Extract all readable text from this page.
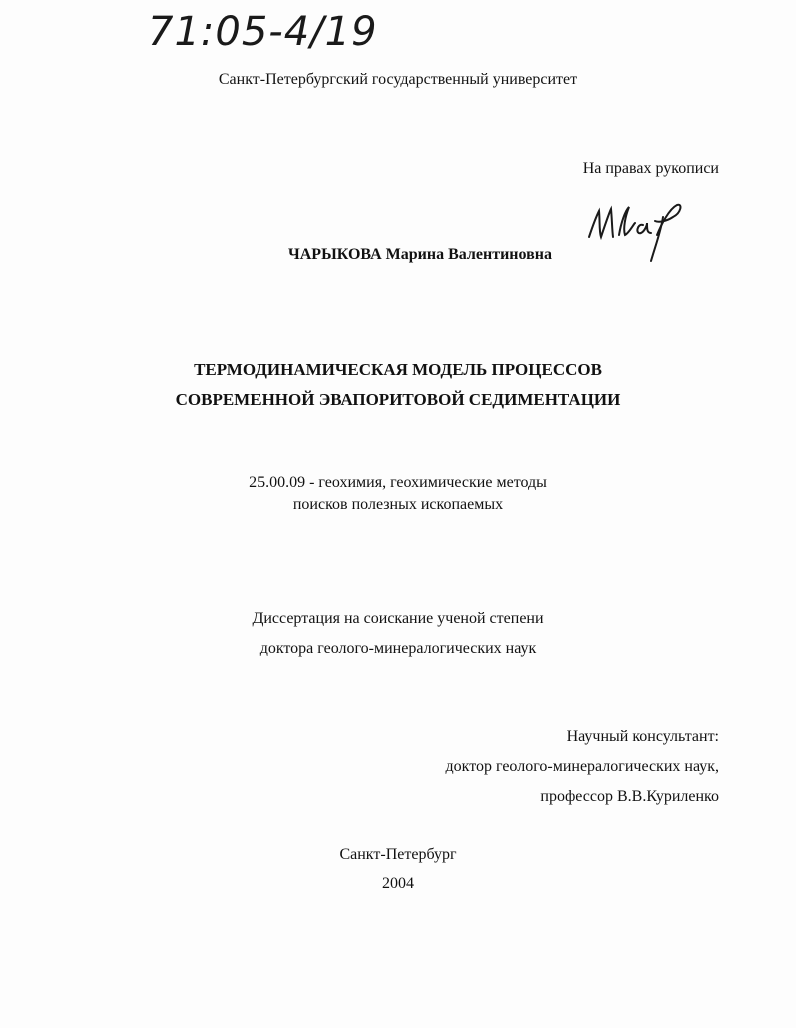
71:05-4/19
Санкт-Петербургский государственный университет
На правах рукописи
ЧАРЫКОВА Марина Валентиновна
ТЕРМОДИНАМИЧЕСКАЯ МОДЕЛЬ ПРОЦЕССОВ
СОВРЕМЕННОЙ ЭВАПОРИТОВОЙ СЕДИМЕНТАЦИИ
25.00.09 - геохимия, геохимические методы
поисков полезных ископаемых
Диссертация на соискание ученой степени
доктора геолого-минералогических наук
Научный консультант:
доктор геолого-минералогических наук,
профессор В.В.Куриленко
Санкт-Петербург
2004
